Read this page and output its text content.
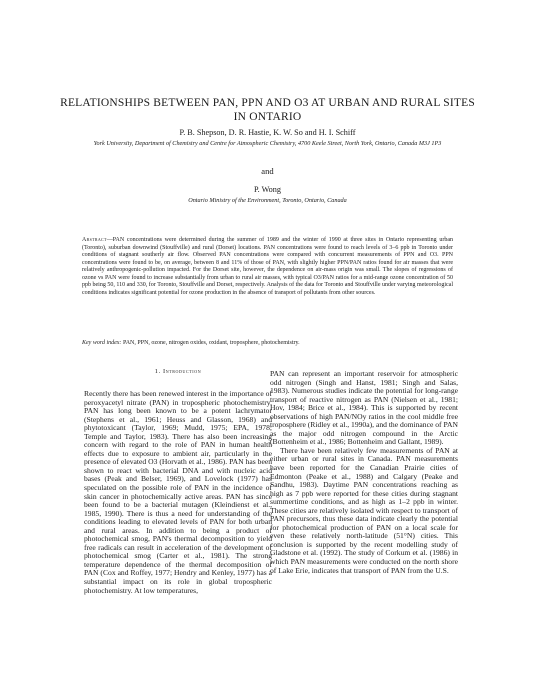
RELATIONSHIPS BETWEEN PAN, PPN AND O3 AT URBAN AND RURAL SITES IN ONTARIO
P. B. Shepson, D. R. Hastie, K. W. So and H. I. Schiff
York University, Department of Chemistry and Centre for Atmospheric Chemistry, 4700 Keele Street, North York, Ontario, Canada M3J 1P3
and
P. Wong
Ontario Ministry of the Environment, Toronto, Ontario, Canada

Abstract—PAN concentrations were determined during the summer of 1989 and the winter of 1990 at three sites in Ontario representing urban (Toronto), suburban downwind (Stouffville) and rural (Dorset) locations. PAN concentrations were found to reach levels of 3–6 ppb in Toronto under conditions of stagnant southerly air flow. Observed PAN concentrations were compared with concurrent measurements of PPN and O3. PPN concentrations were found to be, on average, between 8 and 11% of those of PAN, with slightly higher PPN/PAN ratios found for air masses that were relatively anthropogenic-pollution impacted. For the Dorset site, however, the dependence on air-mass origin was small. The slopes of regressions of ozone vs PAN were found to increase substantially from urban to rural air masses, with typical O3/PAN ratios for a mid-range ozone concentration of 50 ppb being 50, 110 and 330, for Toronto, Stouffville and Dorset, respectively. Analysis of the data for Toronto and Stouffville under varying meteorological conditions indicates significant potential for ozone production in the absence of transport of pollutants from other sources.

Key word index: PAN, PPN, ozone, nitrogen oxides, oxidant, troposphere, photochemistry.

1. Introduction

Recently there has been renewed interest in the importance of peroxyacetyl nitrate (PAN) in tropospheric photochemistry. PAN has long been known to be a potent lachrymator (Stephens et al., 1961; Heuss and Glasson, 1968) and phytotoxicant (Taylor, 1969; Mudd, 1975; EPA, 1978; Temple and Taylor, 1983). There has also been increasing concern with regard to the role of PAN in human health effects due to exposure to ambient air, particularly in the presence of elevated O3 (Horvath et al., 1986). PAN has been shown to react with bacterial DNA and with nucleic acid bases (Peak and Belser, 1969), and Lovelock (1977) has speculated on the possible role of PAN in the incidence of skin cancer in photochemically active areas. PAN has since been found to be a bacterial mutagen (Kleindienst et al., 1985, 1990). There is thus a need for understanding of the conditions leading to elevated levels of PAN for both urban and rural areas. In addition to being a product of photochemical smog, PAN's thermal decomposition to yield free radicals can result in acceleration of the development of photochemical smog (Carter et al., 1981). The strong temperature dependence of the thermal decomposition of PAN (Cox and Roffey, 1977; Hendry and Kenley, 1977) has a substantial impact on its role in global tropospheric photochemistry. At low temperatures,

PAN can represent an important reservoir for atmospheric odd nitrogen (Singh and Hanst, 1981; Singh and Salas, 1983). Numerous studies indicate the potential for long-range transport of reactive nitrogen as PAN (Nielsen et al., 1981; Hov, 1984; Brice et al., 1984). This is supported by recent observations of high PAN/NOy ratios in the cool middle free troposphere (Ridley et al., 1990a), and the dominance of PAN as the major odd nitrogen compound in the Arctic (Bottenheim et al., 1986; Bottenheim and Gallant, 1989).

There have been relatively few measurements of PAN at either urban or rural sites in Canada. PAN measurements have been reported for the Canadian Prairie cities of Edmonton (Peake et al., 1988) and Calgary (Peake and Sandhu, 1983). Daytime PAN concentrations reaching as high as 7 ppb were reported for these cities during stagnant summertime conditions, and as high as 1–2 ppb in winter. These cities are relatively isolated with respect to transport of PAN precursors, thus these data indicate clearly the potential for photochemical production of PAN on a local scale for even these relatively north-latitude (51°N) cities. This conclusion is supported by the recent modelling study of Gladstone et al. (1992). The study of Corkum et al. (1986) in which PAN measurements were conducted on the north shore of Lake Erie, indicates that transport of PAN from the U.S.
